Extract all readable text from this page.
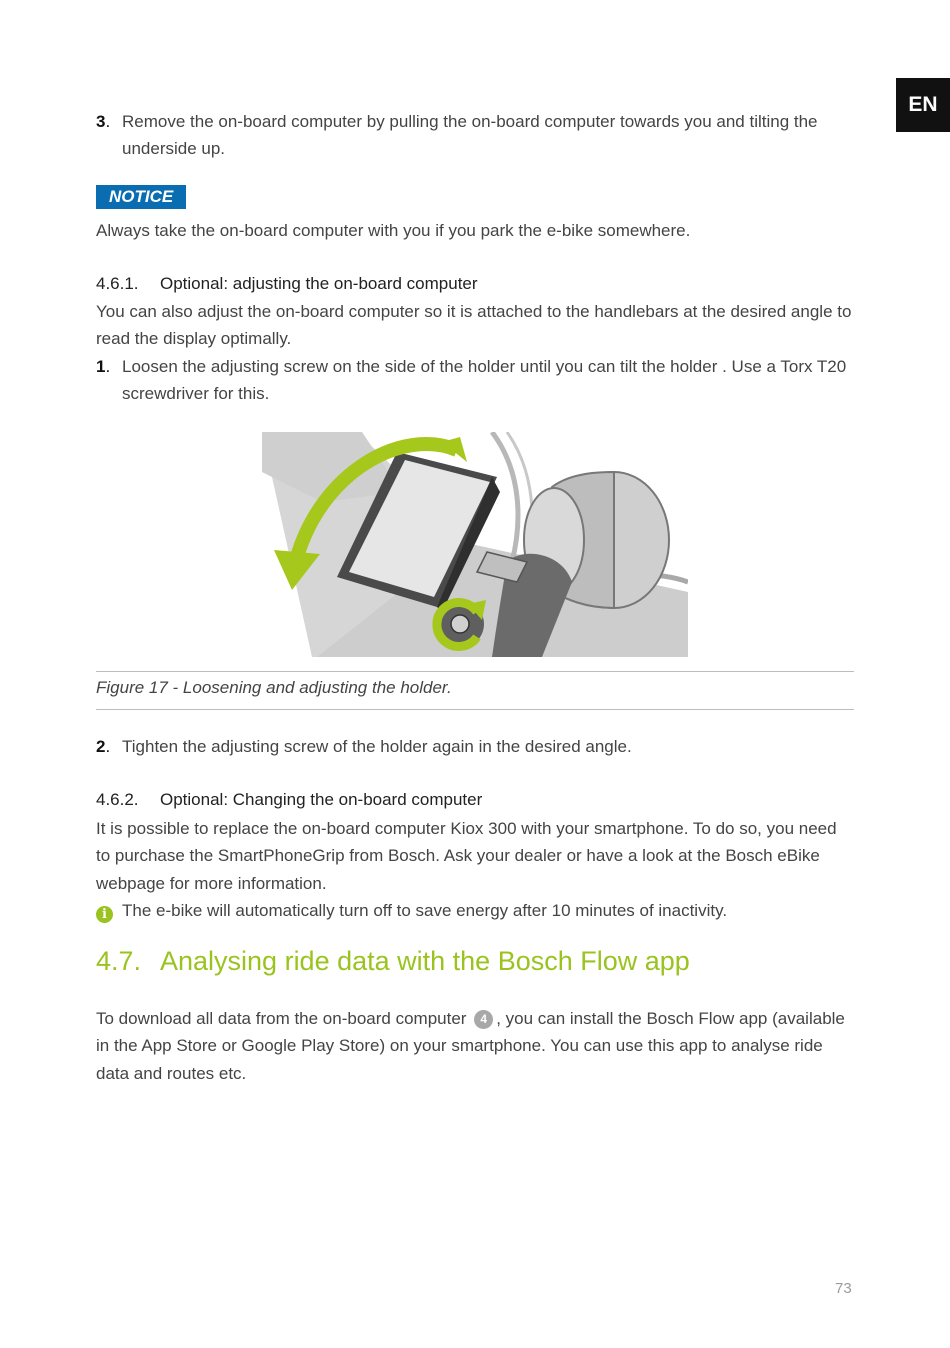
EN
3. Remove the on-board computer by pulling the on-board computer towards you and tilting the underside up.
NOTICE
Always take the on-board computer with you if you park the e-bike somewhere.
4.6.1. Optional: adjusting the on-board computer
You can also adjust the on-board computer so it is attached to the handlebars at the desired angle to read the display optimally.
1. Loosen the adjusting screw on the side of the holder until you can tilt the holder . Use a Torx T20 screwdriver for this.
Figure 17 - Loosening and adjusting the holder.
2. Tighten the adjusting screw of the holder again in the desired angle.
4.6.2. Optional: Changing the on-board computer
It is possible to replace the on-board computer Kiox 300 with your smartphone. To do so, you need to purchase the SmartPhoneGrip from Bosch. Ask your dealer or have a look at the Bosch eBike webpage for more information.
i The e-bike will automatically turn off to save energy after 10 minutes of inactivity.
4.7. Analysing ride data with the Bosch Flow app
To download all data from the on-board computer 4 , you can install the Bosch Flow app (available in the App Store or Google Play Store) on your smartphone. You can use this app to analyse ride data and routes etc.
73
